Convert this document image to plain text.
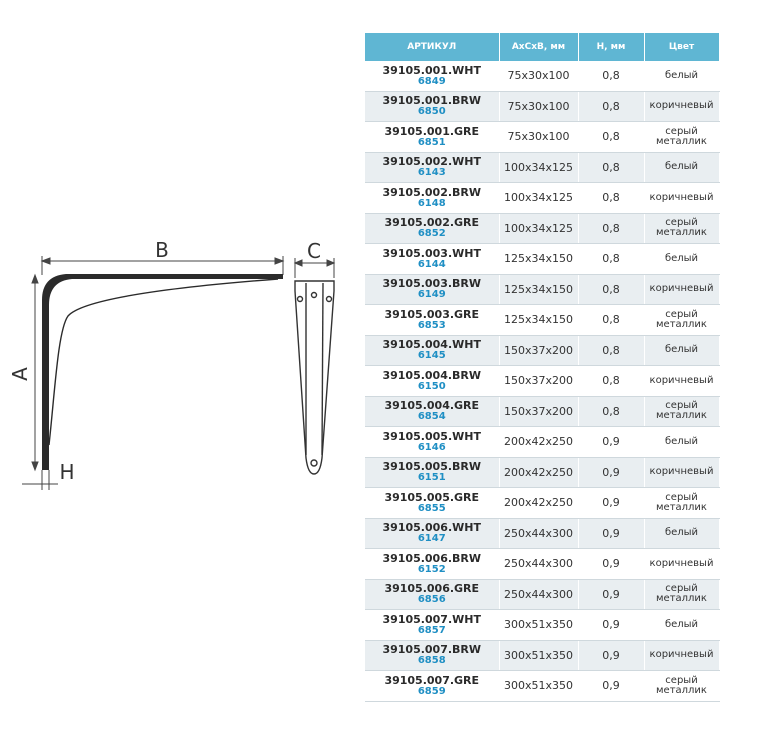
B	C
A
H
АРТИКУЛ	АхСхВ, мм	Н, мм	Цвет

39105.001.WHT
6849	75x30x100	0,8	белый

39105.001.BRW
6850	75x30x100	0,8	коричневый

39105.001.GRE
6851	75x30x100	0,8	серый
металлик

39105.002.WHT
6143	100x34x125	0,8	белый

39105.002.BRW
6148	100x34x125	0,8	коричневый

39105.002.GRE
6852	100x34x125	0,8	серый
металлик

39105.003.WHT
6144	125x34x150	0,8	белый

39105.003.BRW
6149	125x34x150	0,8	коричневый

39105.003.GRE
6853	125x34x150	0,8	серый
металлик

39105.004.WHT
6145	150x37x200	0,8	белый

39105.004.BRW
6150	150x37x200	0,8	коричневый

39105.004.GRE
6854	150x37x200	0,8	серый
металлик

39105.005.WHT
6146	200x42x250	0,9	белый

39105.005.BRW
6151	200x42x250	0,9	коричневый

39105.005.GRE
6855	200x42x250	0,9	серый
металлик

39105.006.WHT
6147	250x44x300	0,9	белый

39105.006.BRW
6152	250x44x300	0,9	коричневый

39105.006.GRE
6856	250x44x300	0,9	серый
металлик

39105.007.WHT
6857	300x51x350	0,9	белый

39105.007.BRW
6858	300x51x350	0,9	коричневый

39105.007.GRE
6859	300x51x350	0,9	серый
металлик
